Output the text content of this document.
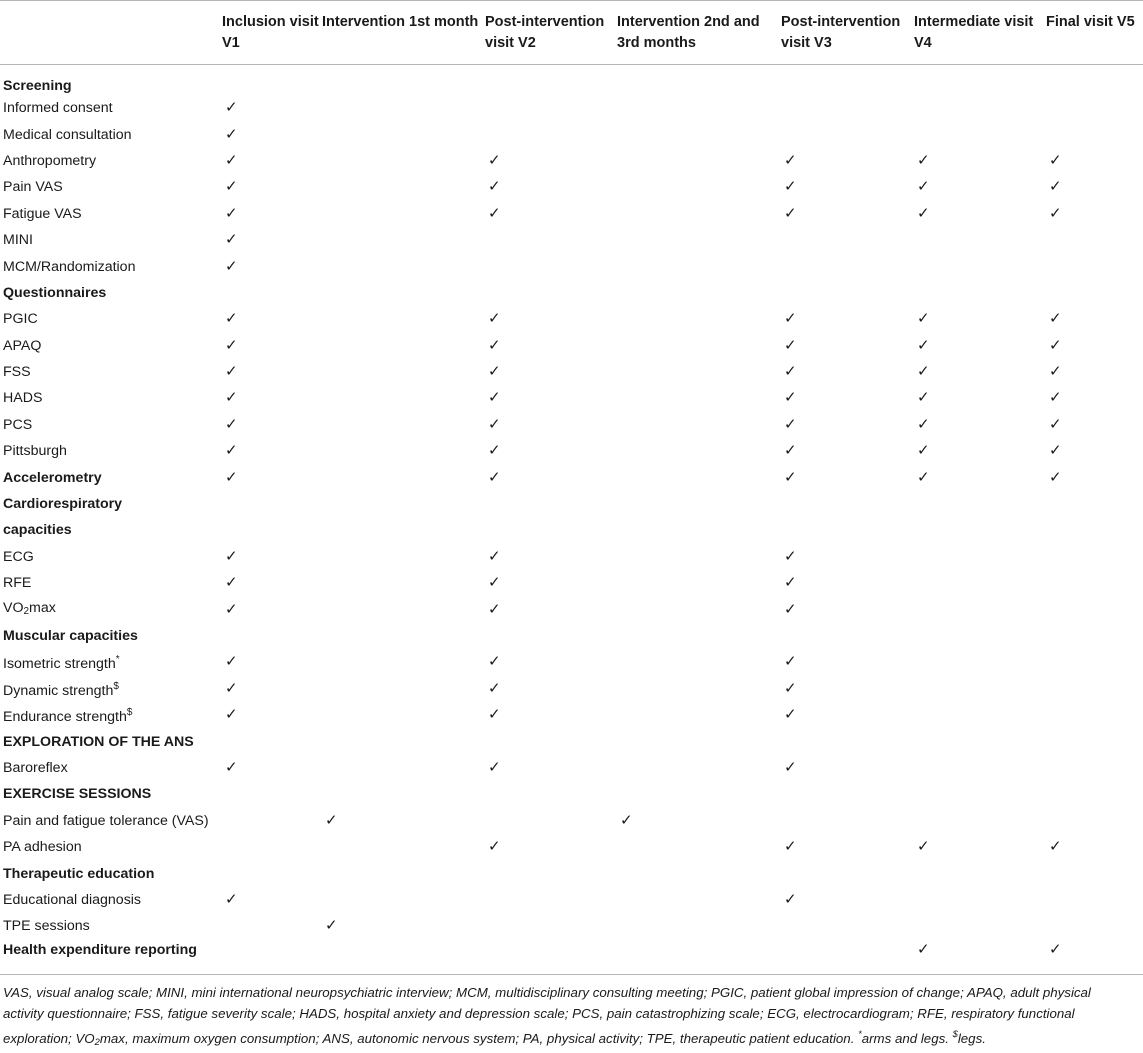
	Inclusion visit V1	Intervention 1st month	Post-intervention visit V2	Intervention 2nd and 3rd months	Post-intervention visit V3	Intermediate visit V4	Final visit V5
Screening							
Informed consent	✓						
Medical consultation	✓						
Anthropometry	✓		✓		✓	✓	✓
Pain VAS	✓		✓		✓	✓	✓
Fatigue VAS	✓		✓		✓	✓	✓
MINI	✓						
MCM/Randomization	✓						
Questionnaires							
PGIC	✓		✓		✓	✓	✓
APAQ	✓		✓		✓	✓	✓
FSS	✓		✓		✓	✓	✓
HADS	✓		✓		✓	✓	✓
PCS	✓		✓		✓	✓	✓
Pittsburgh	✓		✓		✓	✓	✓
Accelerometry	✓		✓		✓	✓	✓
Cardiorespiratory							
capacities							
ECG	✓		✓		✓		
RFE	✓		✓		✓		
$VO_2\max$	✓		✓		✓		
Muscular capacities							
Isometric strength*	✓		✓		✓		
Dynamic strength$	✓		✓		✓		
Endurance strength$	✓		✓		✓		
EXPLORATION OF THE ANS							
Baroreflex	✓		✓		✓		
EXERCISE SESSIONS							
Pain and fatigue tolerance (VAS)		✓		✓			
PA adhesion			✓		✓	✓	✓
Therapeutic education							
Educational diagnosis	✓				✓		
TPE sessions		✓					
Health expenditure reporting						✓	✓
VAS, visual analog scale; MINI, mini international neuropsychiatric interview; MCM, multidisciplinary consulting meeting; PGIC, patient global impression of change; APAQ, adult physical
activity questionnaire; FSS, fatigue severity scale; HADS, hospital anxiety and depression scale; PCS, pain catastrophizing scale; ECG, electrocardiogram; RFE, respiratory functional
exploration; $VO_2\max$, maximum oxygen consumption; ANS, autonomic nervous system; PA, physical activity; TPE, therapeutic patient education. *arms and legs. $legs.
